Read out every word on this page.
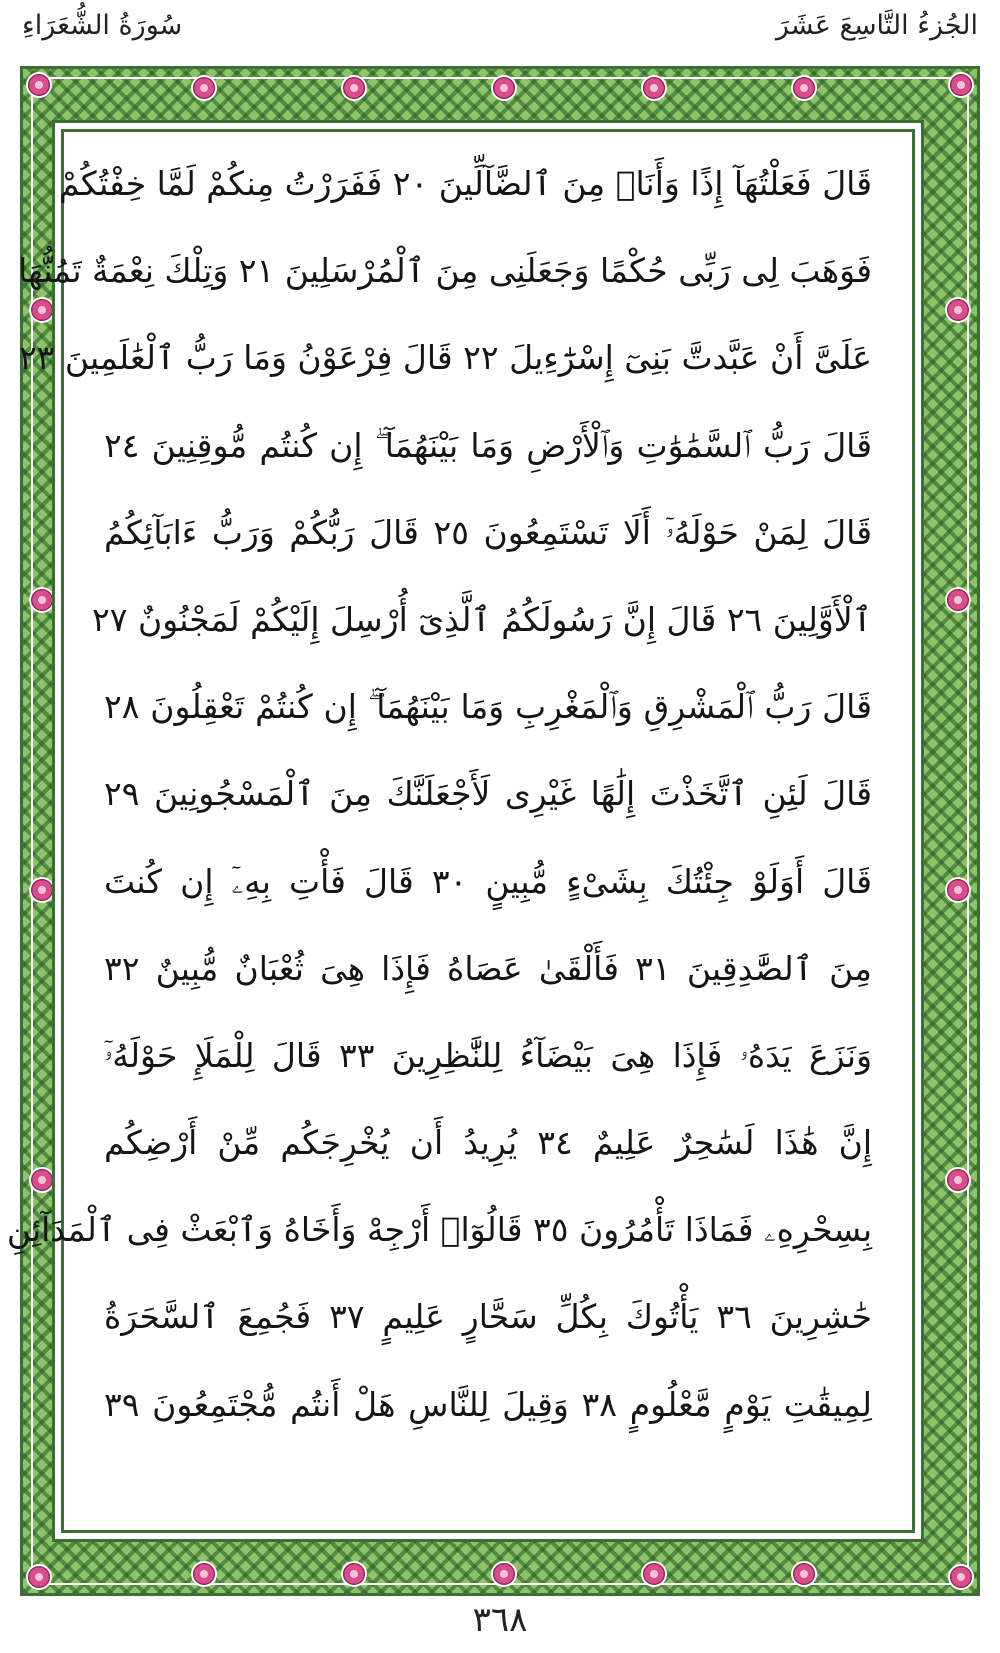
الجُزءُ التَّاسِعَ عَشَرَ
سُورَةُ الشُّعَرَاءِ
قَالَ فَعَلْتُهَآ إِذًا وَأَنَا۠ مِنَ ٱلضَّآلِّينَ ٢٠ فَفَرَرْتُ مِنكُمْ لَمَّا خِفْتُكُمْ
فَوَهَبَ لِى رَبِّى حُكْمًا وَجَعَلَنِى مِنَ ٱلْمُرْسَلِينَ ٢١ وَتِلْكَ نِعْمَةٌ تَمُنُّهَا
عَلَىَّ أَنْ عَبَّدتَّ بَنِىٓ إِسْرَٰٓءِيلَ ٢٢ قَالَ فِرْعَوْنُ وَمَا رَبُّ ٱلْعَٰلَمِينَ ٢٣
قَالَ رَبُّ ٱلسَّمَٰوَٰتِ وَٱلْأَرْضِ وَمَا بَيْنَهُمَآ ۖ إِن كُنتُم مُّوقِنِينَ ٢٤
قَالَ لِمَنْ حَوْلَهُۥٓ أَلَا تَسْتَمِعُونَ ٢٥ قَالَ رَبُّكُمْ وَرَبُّ ءَابَآئِكُمُ
ٱلْأَوَّلِينَ ٢٦ قَالَ إِنَّ رَسُولَكُمُ ٱلَّذِىٓ أُرْسِلَ إِلَيْكُمْ لَمَجْنُونٌ ٢٧
قَالَ رَبُّ ٱلْمَشْرِقِ وَٱلْمَغْرِبِ وَمَا بَيْنَهُمَآ ۖ إِن كُنتُمْ تَعْقِلُونَ ٢٨
قَالَ لَئِنِ ٱتَّخَذْتَ إِلَٰهًا غَيْرِى لَأَجْعَلَنَّكَ مِنَ ٱلْمَسْجُونِينَ ٢٩
قَالَ أَوَلَوْ جِئْتُكَ بِشَىْءٍ مُّبِينٍ ٣٠ قَالَ فَأْتِ بِهِۦٓ إِن كُنتَ
مِنَ ٱلصَّٰدِقِينَ ٣١ فَأَلْقَىٰ عَصَاهُ فَإِذَا هِىَ ثُعْبَانٌ مُّبِينٌ ٣٢
وَنَزَعَ يَدَهُۥ فَإِذَا هِىَ بَيْضَآءُ لِلنَّٰظِرِينَ ٣٣ قَالَ لِلْمَلَإِ حَوْلَهُۥٓ
إِنَّ هَٰذَا لَسَٰحِرٌ عَلِيمٌ ٣٤ يُرِيدُ أَن يُخْرِجَكُم مِّنْ أَرْضِكُم
بِسِحْرِهِۦ فَمَاذَا تَأْمُرُونَ ٣٥ قَالُوٓا۟ أَرْجِهْ وَأَخَاهُ وَٱبْعَثْ فِى ٱلْمَدَآئِنِ
حَٰشِرِينَ ٣٦ يَأْتُوكَ بِكُلِّ سَحَّارٍ عَلِيمٍ ٣٧ فَجُمِعَ ٱلسَّحَرَةُ
لِمِيقَٰتِ يَوْمٍ مَّعْلُومٍ ٣٨ وَقِيلَ لِلنَّاسِ هَلْ أَنتُم مُّجْتَمِعُونَ ٣٩
٣٦٨
